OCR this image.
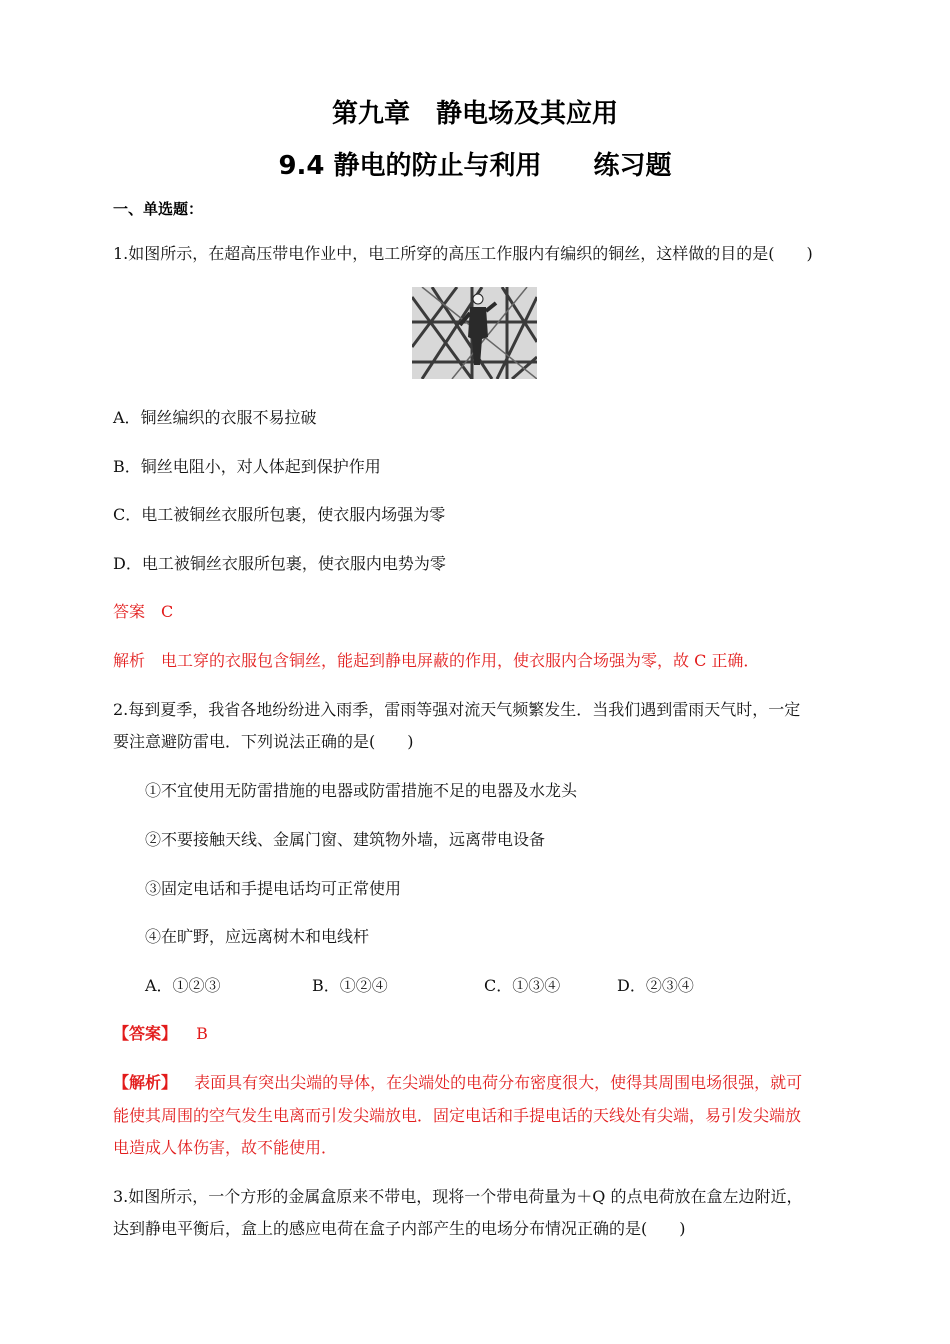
第九章　静电场及其应用
9.4 静电的防止与利用　　练习题
一、单选题：
1.如图所示，在超高压带电作业中，电工所穿的高压工作服内有编织的铜丝，这样做的目的是(　　)
A．铜丝编织的衣服不易拉破
B．铜丝电阻小，对人体起到保护作用
C．电工被铜丝衣服所包裹，使衣服内场强为零
D．电工被铜丝衣服所包裹，使衣服内电势为零
答案　C
解析　电工穿的衣服包含铜丝，能起到静电屏蔽的作用，使衣服内合场强为零，故 C 正确．
2.每到夏季，我省各地纷纷进入雨季，雷雨等强对流天气频繁发生．当我们遇到雷雨天气时，一定
要注意避防雷电．下列说法正确的是(　　)
①不宜使用无防雷措施的电器或防雷措施不足的电器及水龙头
②不要接触天线、金属门窗、建筑物外墙，远离带电设备
③固定电话和手提电话均可正常使用
④在旷野，应远离树木和电线杆
A．①②③	B．①②④	C．①③④	D．②③④
【答案】 B
【解析】 表面具有突出尖端的导体，在尖端处的电荷分布密度很大，使得其周围电场很强，就可
能使其周围的空气发生电离而引发尖端放电．固定电话和手提电话的天线处有尖端，易引发尖端放
电造成人体伤害，故不能使用．
3.如图所示，一个方形的金属盒原来不带电，现将一个带电荷量为＋Q 的点电荷放在盒左边附近，
达到静电平衡后，盒上的感应电荷在盒子内部产生的电场分布情况正确的是(　　)
